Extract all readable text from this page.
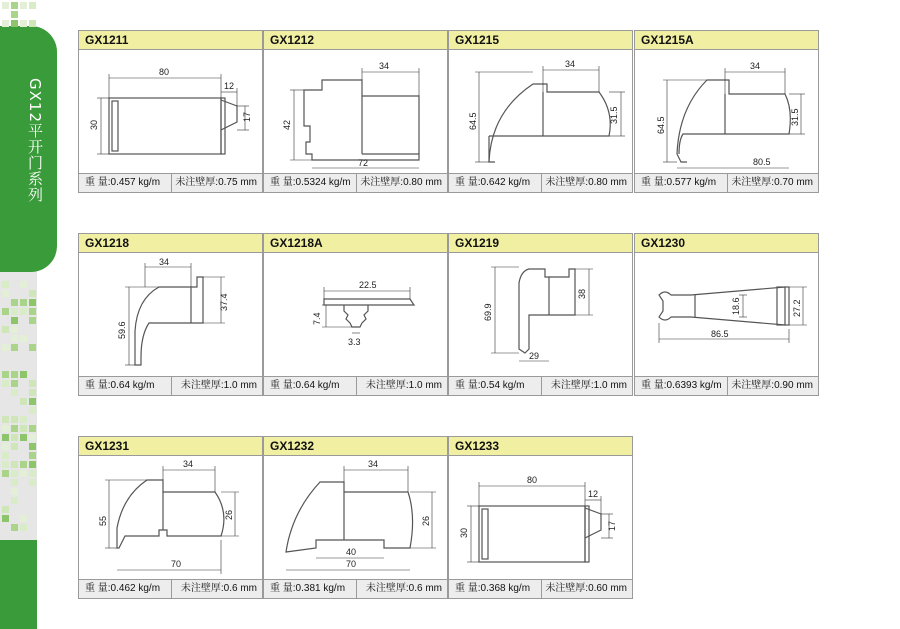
GX12平开门系列
GX1211
80
12
30
17
重 量:0.457 kg/m 未注壁厚:0.75 mm
GX1212
34
42
72
重 量:0.5324 kg/m 未注壁厚:0.80 mm
GX1215
34
64.5	31.5
重 量:0.642 kg/m 未注壁厚:0.80 mm
GX1215A
34
64.5	31.5
80.5
重 量:0.577 kg/m 未注壁厚:0.70 mm
GX1218
34
37.4
59.6
重 量:0.64 kg/m	未注壁厚:1.0 mm
GX1218A
22.5
7.4
3.3
重 量:0.64 kg/m	未注壁厚:1.0 mm
GX1219
69.9
38
29
重 量:0.54 kg/m	未注壁厚:1.0 mm
GX1230
18.6	27.2
86.5
重 量:0.6393 kg/m 未注壁厚:0.90 mm
GX1231
34
55
26
70
重 量:0.462 kg/m 未注壁厚:0.6 mm
GX1232
34
26
40
70
重 量:0.381 kg/m 未注壁厚:0.6 mm
GX1233
80
12
30
17
重 量:0.368 kg/m 未注壁厚:0.60 mm
